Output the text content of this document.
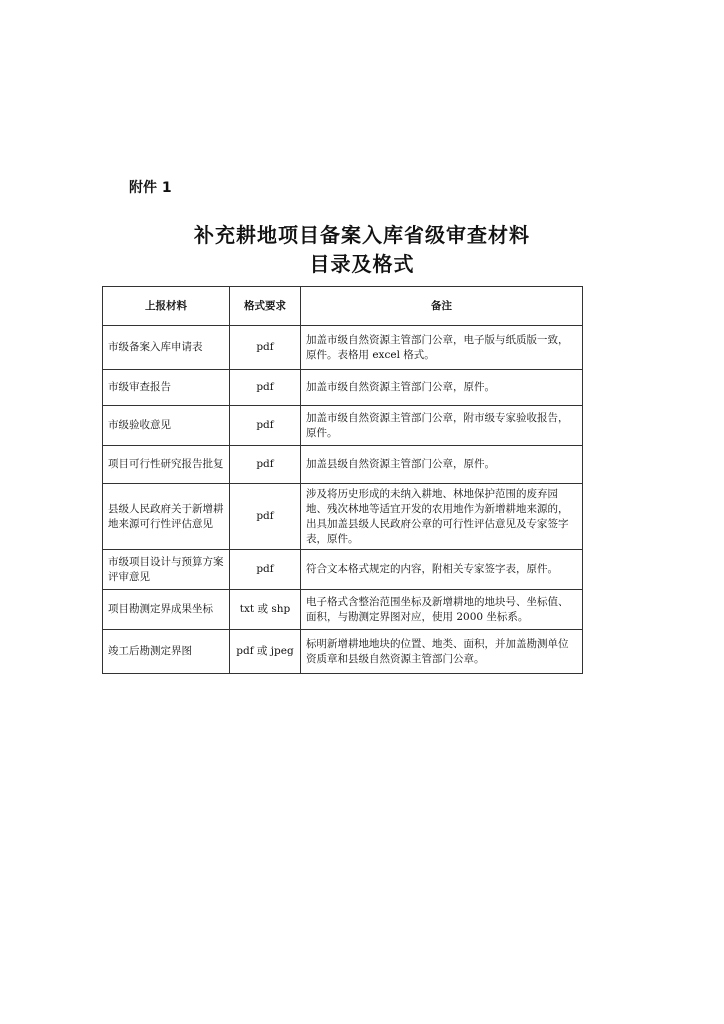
附件 1
补充耕地项目备案入库省级审查材料
目录及格式
上报材料	格式要求	备注
市级备案入库申请表	pdf	加盖市级自然资源主管部门公章，电子版与纸质版一致，原件。表格用 excel 格式。
市级审查报告	pdf	加盖市级自然资源主管部门公章，原件。
市级验收意见	pdf	加盖市级自然资源主管部门公章，附市级专家验收报告，原件。
项目可行性研究报告批复	pdf	加盖县级自然资源主管部门公章，原件。
县级人民政府关于新增耕地来源可行性评估意见	pdf	涉及将历史形成的未纳入耕地、林地保护范围的废弃园地、残次林地等适宜开发的农用地作为新增耕地来源的，出具加盖县级人民政府公章的可行性评估意见及专家签字表，原件。
市级项目设计与预算方案评审意见	pdf	符合文本格式规定的内容，附相关专家签字表，原件。
项目勘测定界成果坐标	txt 或 shp	电子格式含整治范围坐标及新增耕地的地块号、坐标值、面积，与勘测定界图对应，使用 2000 坐标系。
竣工后勘测定界图	pdf 或 jpeg	标明新增耕地地块的位置、地类、面积，并加盖勘测单位资质章和县级自然资源主管部门公章。
